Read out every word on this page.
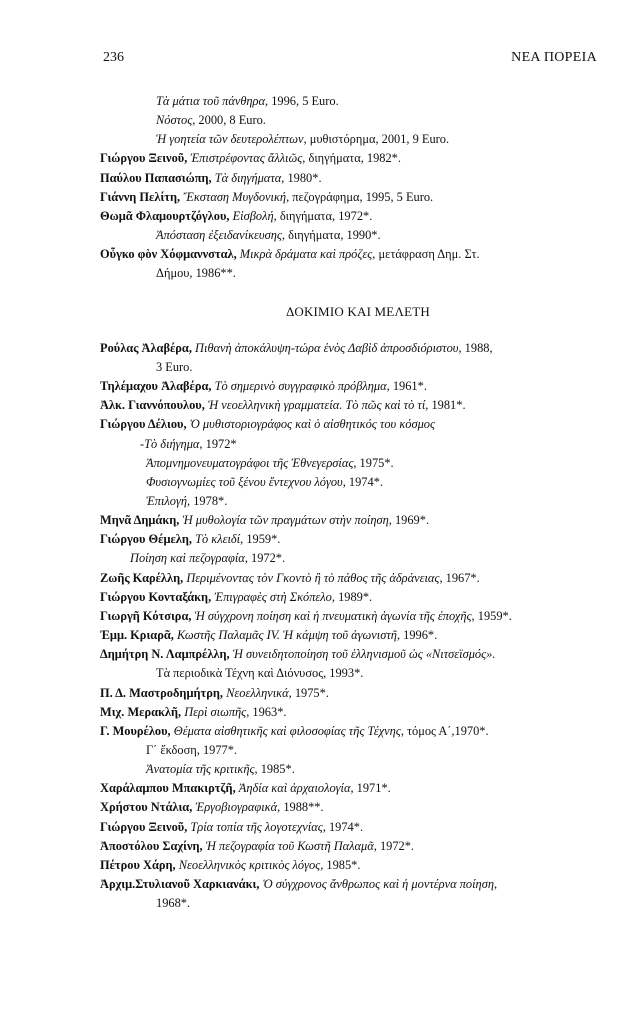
236	ΝΕΑ ΠΟΡΕΙΑ
Τὰ μάτια τοῦ πάνθηρα, 1996, 5 Euro.
Νόστος, 2000, 8 Euro.
Ἡ γοητεία τῶν δευτερολέπτων, μυθιστόρημα, 2001, 9 Euro.
Γιώργου Ξεινοῦ, Ἐπιστρέφοντας ἄλλιῶς, διηγήματα, 1982*.
Παύλου Παπασιώπη, Τὰ διηγήματα, 1980*.
Γιάννη Πελίτη, Ἔκσταση Μυγδονική, πεζογράφημα, 1995, 5 Euro.
Θωμᾶ Φλαμουρτζόγλου, Εἰσβολή, διηγήματα, 1972*.
Ἀπόσταση ἐξειδανίκευσης, διηγήματα, 1990*.
Οὖγκο φὸν Χόφμαννσταλ, Μικρὰ δράματα καὶ πρόζες, μετάφραση Δημ. Στ.
Δήμου, 1986**.
ΔΟΚΙΜΙΟ ΚΑΙ ΜΕΛΕΤΗ
Ρούλας Ἀλαβέρα, Πιθανὴ ἀποκάλυψη-τώρα ἑνὸς Δαβὶδ ἀπροσδιόριστου, 1988,
3 Euro.
Τηλέμαχου Ἀλαβέρα, Τὸ σημερινὸ συγγραφικὸ πρόβλημα, 1961*.
Ἀλκ. Γιαννόπουλου, Ἡ νεοελληνικὴ γραμματεία. Τὸ πῶς καὶ τὸ τί, 1981*.
Γιώργου Δέλιου, Ὁ μυθιστοριογράφος καὶ ὁ αἰσθητικός του κόσμος
-Τὸ διήγημα, 1972*
Ἀπομνημονευματογράφοι τῆς Ἐθνεγερσίας, 1975*.
Φυσιογνωμίες τοῦ ξένου ἔντεχνου λόγου, 1974*.
Ἐπιλογή, 1978*.
Μηνᾶ Δημάκη, Ἡ μυθολογία τῶν πραγμάτων στὴν ποίηση, 1969*.
Γιώργου Θέμελη, Τὸ κλειδί, 1959*.
Ποίηση καὶ πεζογραφία, 1972*.
Ζωῆς Καρέλλη, Περιμένοντας τὸν Γκοντὸ ἢ τὸ πάθος τῆς ἀδράνειας, 1967*.
Γιώργου Κονταξάκη, Ἐπιγραφὲς στὴ Σκόπελο, 1989*.
Γιωργῆ Κότσιρα, Ἡ σύγχρονη ποίηση καὶ ἡ πνευματικὴ ἀγωνία τῆς ἐποχῆς, 1959*.
Ἐμμ. Κριαρᾶ, Κωστῆς Παλαμᾶς IV. Ἡ κάμψη τοῦ ἀγωνιστῆ, 1996*.
Δημήτρη Ν. Λαμπρέλλη, Ἡ συνειδητοποίηση τοῦ ἑλληνισμοῦ ὡς «Νιτσεϊσμός».
Τὰ περιοδικὰ Τέχνη καὶ Διόνυσος, 1993*.
Π. Δ. Μαστροδημήτρη, Νεοελληνικά, 1975*.
Μιχ. Μερακλῆ, Περὶ σιωπῆς, 1963*.
Γ. Μουρέλου, Θέματα αἰσθητικῆς καὶ φιλοσοφίας τῆς Τέχνης, τόμος Α΄,1970*.
Γ΄ ἔκδοση, 1977*.
Ἀνατομία τῆς κριτικῆς, 1985*.
Χαράλαμπου Μπακιρτζῆ, Ἀηδία καὶ ἀρχαιολογία, 1971*.
Χρήστου Ντάλια, Ἐργοβιογραφικά, 1988**.
Γιώργου Ξεινοῦ, Τρία τοπία τῆς λογοτεχνίας, 1974*.
Ἀποστόλου Σαχίνη, Ἡ πεζογραφία τοῦ Κωστῆ Παλαμᾶ, 1972*.
Πέτρου Χάρη, Νεοελληνικὸς κριτικὸς λόγος, 1985*.
Ἀρχιμ.Στυλιανοῦ Χαρκιανάκι, Ὁ σύγχρονος ἄνθρωπος καὶ ἡ μοντέρνα ποίηση,
1968*.
